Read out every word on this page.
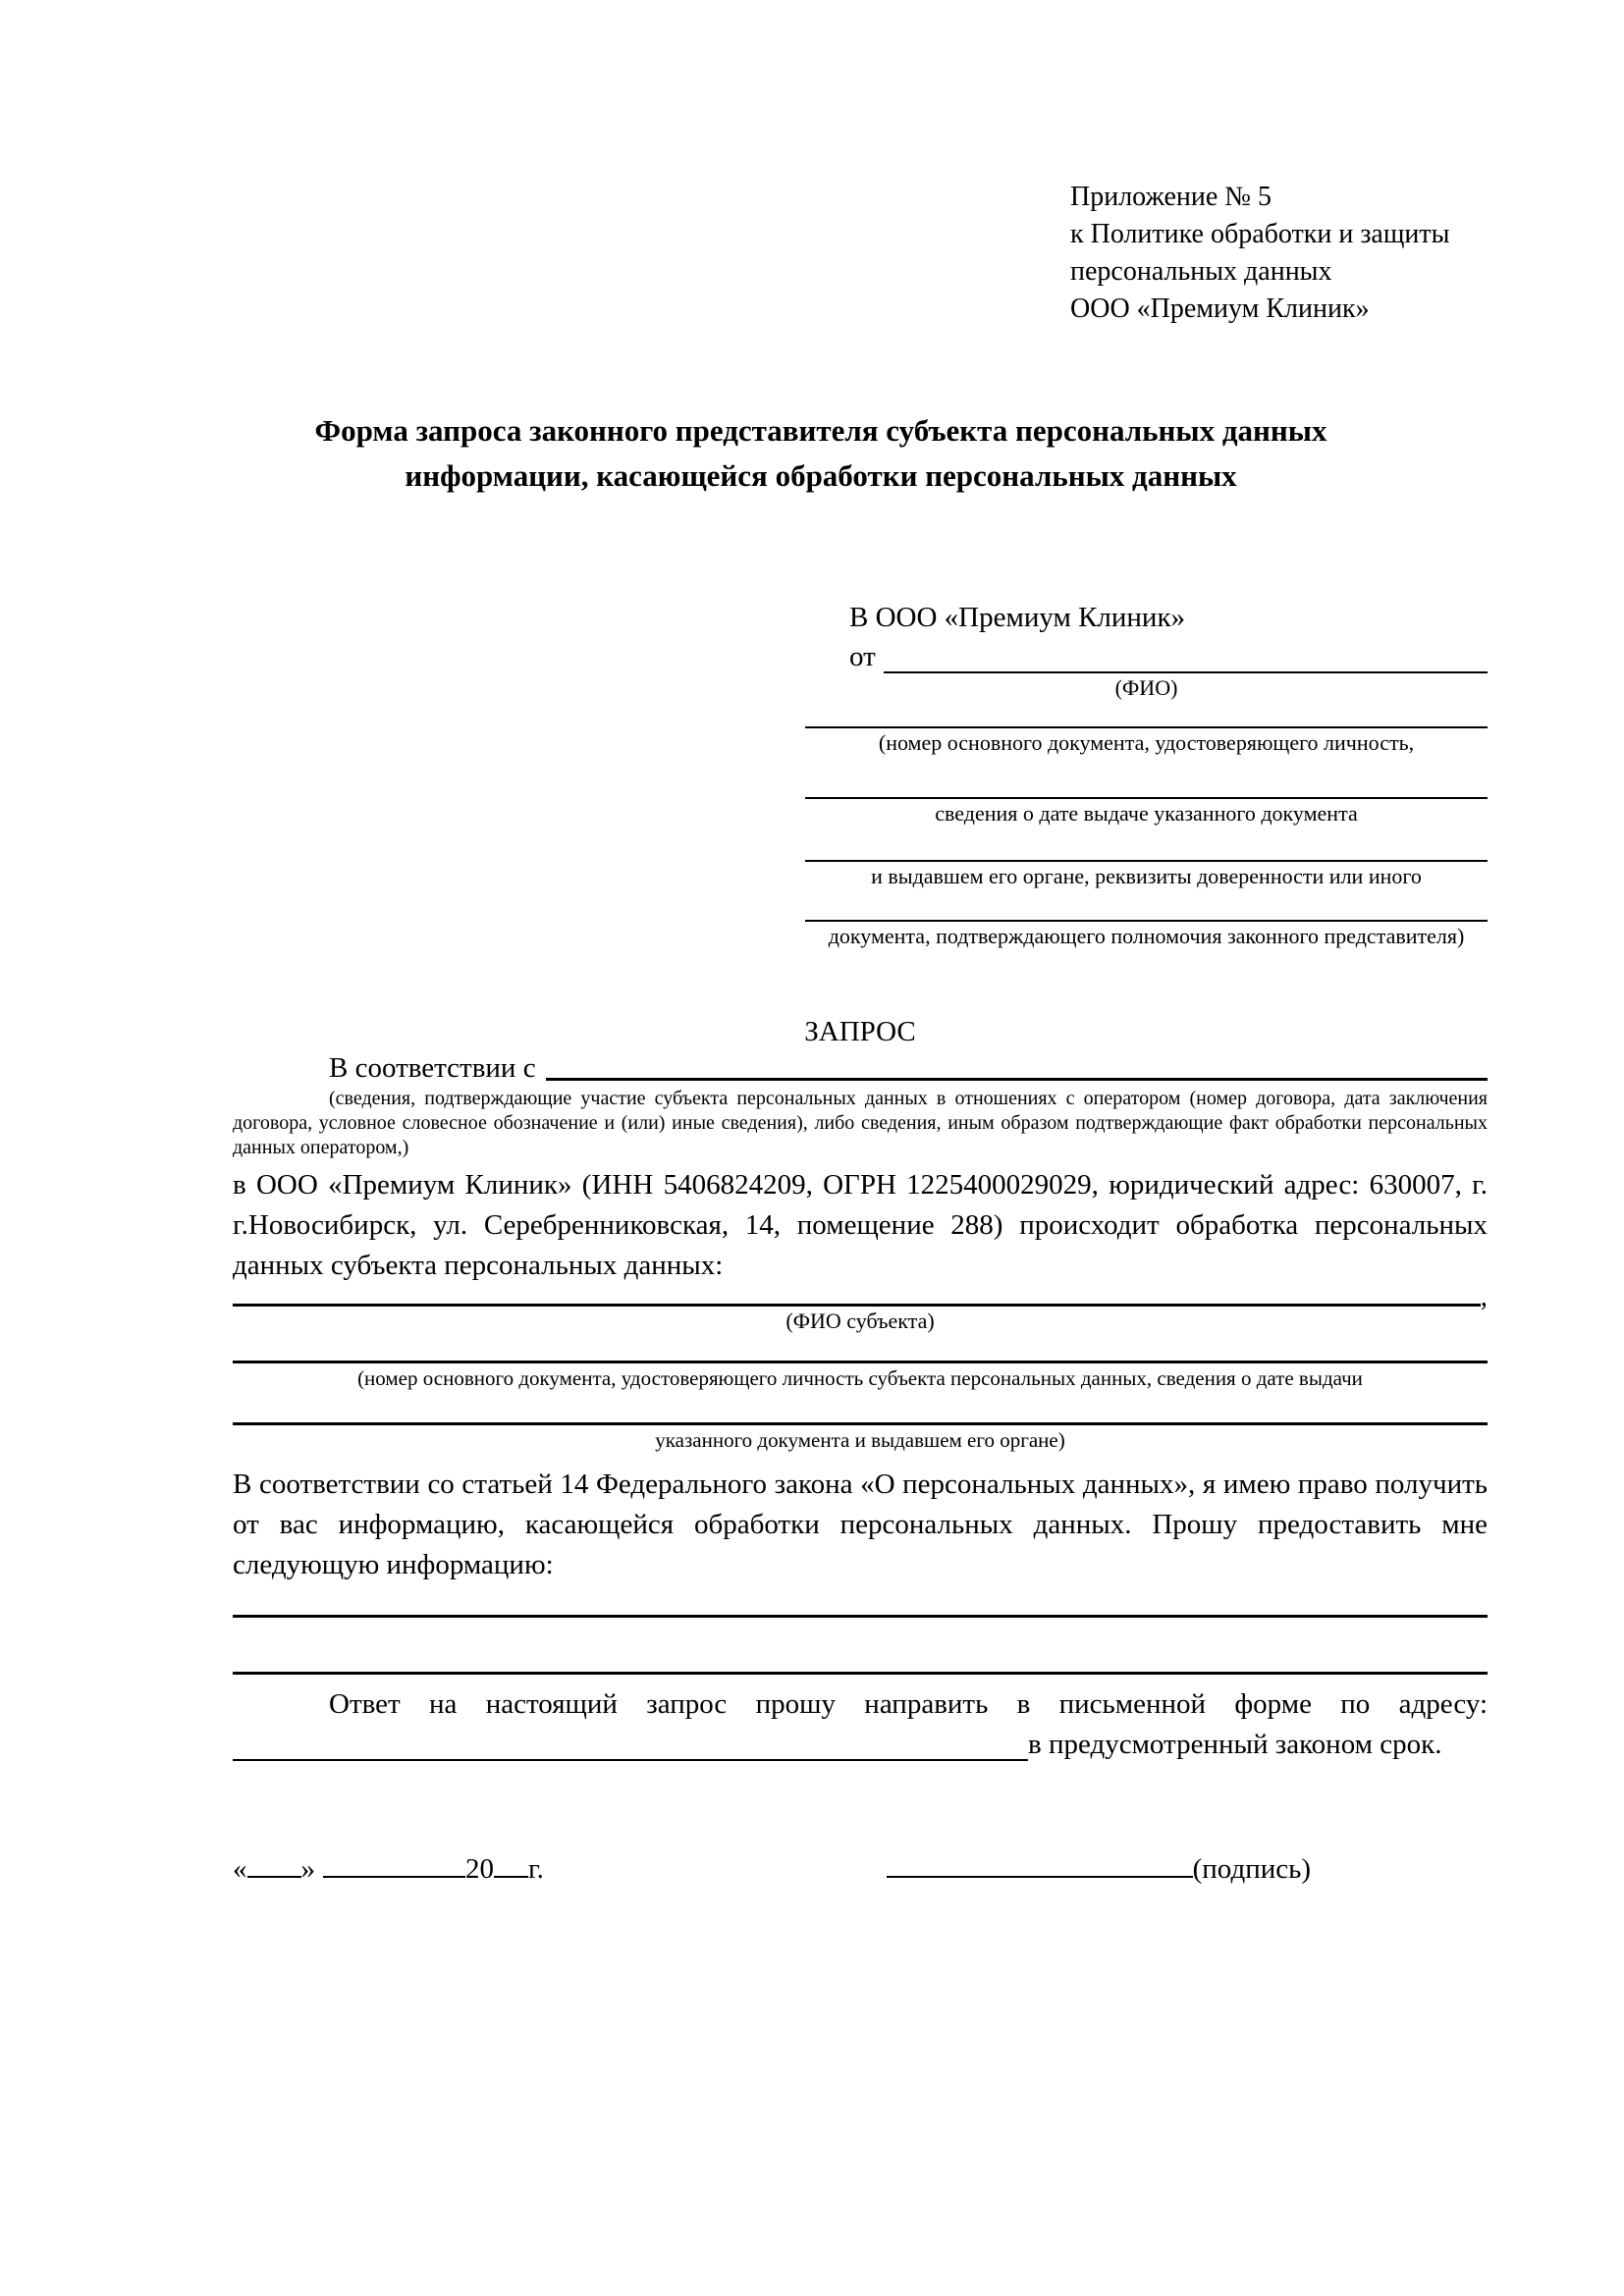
Приложение № 5
к Политике обработки и защиты
персональных данных
ООО «Премиум Клиник»
Форма запроса законного представителя субъекта персональных данных
информации, касающейся обработки персональных данных
В ООО «Премиум Клиник»
от
(ФИО)
(номер основного документа, удостоверяющего личность,
сведения о дате выдаче указанного документа
и выдавшем его органе, реквизиты доверенности или иного
документа, подтверждающего полномочия законного представителя)
ЗАПРОС
В соответствии с
(сведения, подтверждающие участие субъекта персональных данных в отношениях с оператором (номер договора, дата заключения договора, условное словесное обозначение и (или) иные сведения), либо сведения, иным образом подтверждающие факт обработки персональных данных оператором,)
в ООО «Премиум Клиник» (ИНН 5406824209, ОГРН 1225400029029, юридический адрес: 630007, г. г.Новосибирск, ул. Серебренниковская, 14, помещение 288) происходит обработка персональных данных субъекта персональных данных:
,
(ФИО субъекта)
(номер основного документа, удостоверяющего личность субъекта персональных данных, сведения о дате выдачи
указанного документа и выдавшем его органе)
В соответствии со статьей 14 Федерального закона «О персональных данных», я имею право получить от вас информацию, касающейся обработки персональных данных. Прошу предоставить мне следующую информацию:
Ответ на настоящий запрос прошу направить в письменной форме по адресу:
в предусмотренный законом срок.
« »	20 г.	(подпись)
